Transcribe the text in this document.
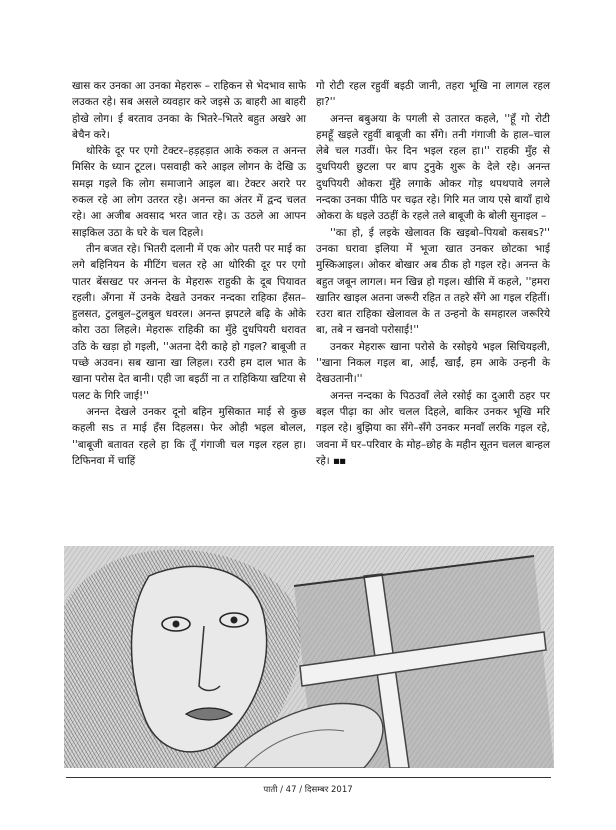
खास कर उनका आ उनका मेहरारू – राहिकन से भेदभाव साफे लउकत रहे। सब असले व्यवहार करे जइसे ऊ बाहरी आ बाहरी होखे लोग। ई बरताव उनका के भितरे–भितरे बहुत अखरे आ बेचैन करे।

थोरिके दूर पर एगो टेक्टर–हड़हड़ात आके रुकल त अनन्त मिसिर के ध्यान टूटल। पसवाही करे आइल लोगन के देखि ऊ समझ गइले कि लोग समाजाने आइल बा। टेक्टर अरारे पर रुकल रहे आ लोग उतरत रहे। अनन्त का अंतर में द्वन्द चलत रहे। आ अजीब अवसाद भरत जात रहे। ऊ उठले आ आपन साइकिल उठा के घरे के चल दिहले।

तीन बजत रहे। भितरी दलानी में एक ओर पतरी पर माई का लगे बहिनियन के मीटिंग चलत रहे आ थोरिकी दूर पर एगो पातर बेंसखट पर अनन्त के मेहरारू राहुकी के दूब पियावत रहली। अँगना में उनके देखते उनकर नन्दका राहिका हँसत–हुलसत, टुलबुल–टुलबुल धवरल। अनन्त झपटले बढ़ि के ओके कोरा उठा लिहले। मेहरारू राहिकी का मुँहे दुधपियरी धरावत उठि के खड़ा हो गइली, ''अतना देरी काहे हो गइल? बाबूजी त पच्छे अउवन। सब खाना खा लिहल। रउरी हम दाल भात के खाना परोस देत बानी। एही जा बइठीं ना त राहिकिया खटिया से पलट के गिरि जाई!''

अनन्त देखले उनकर दूनो बहिन मुसिकात माई से कुछ कहली सs त माई हँस दिहलस। फेर ओही भइल बोलल, ''बाबूजी बतावत रहले हा कि तूँ गंगाजी चल गइल रहल हा। टिफिनवा में चाहिं

गो रोटी रहल रहुवीं बइठी जानी, तहरा भूखि ना लागल रहल हा?''

अनन्त बबुअया के पगली से उतारत कहले, ''हूँ गो रोटी हमहूँ खइले रहुवीं बाबूजी का सँगे। तनी गंगाजी के हाल–चाल लेबे चल गउवीं। फेर दिन भइल रहल हा।'' राहकी मुँह से दुधपियरी छुटला पर बाप टुनुके शुरू के देले रहे। अनन्त दुधपियरी ओकरा मुँहे लगाके ओकर गोड़ थपथपावे लगले नन्दका उनका पीठि पर चढ़त रहे। गिरि मत जाय एसे बायाँ हाथे ओकरा के धइले उठहीं के रहले तले बाबूजी के बोली सुनाइल –

''का हो, ई लइके खेलावत कि खइबो–पियबो कसबs?'' उनका घरावा इलिया में भूजा खात उनकर छोटका भाई मुस्किआइल। ओकर बोखार अब ठीक हो गइल रहे। अनन्त के बहुत जबून लागल। मन खिन्न हो गइल। खीसि में कहले, ''हमरा खातिर खाइल अतना जरूरी रहित त तहरे सँगे आ गइल रहितीं। रउरा बात राहिका खेलावल के त उन्हनो के समहारल जरूरिये बा, तबे न खनवो परोसाई!''

उनकर मेहरारू खाना परोसे के रसोइये भइल सिचियइली, ''खाना निकल गइल बा, आईं, खाईं, हम आके उन्हनी के देखउतानी।''

अनन्त नन्दका के पिठउव‍ाँ लेले रसोई का दुआरी ठहर पर बइल पीढ़ा का ओर चलल दिहले, बाकिर उनकर भूखि मरि गइल रहे। बुझिया का सँगे–सँगे उनकर मनवाँ लरकि गइल रहे, जवना में घर–परिवार के मोह–छोह के महीन सूतन चलल बान्हल रहे। ▪▪

पाती / 47 / दिसम्बर 2017
